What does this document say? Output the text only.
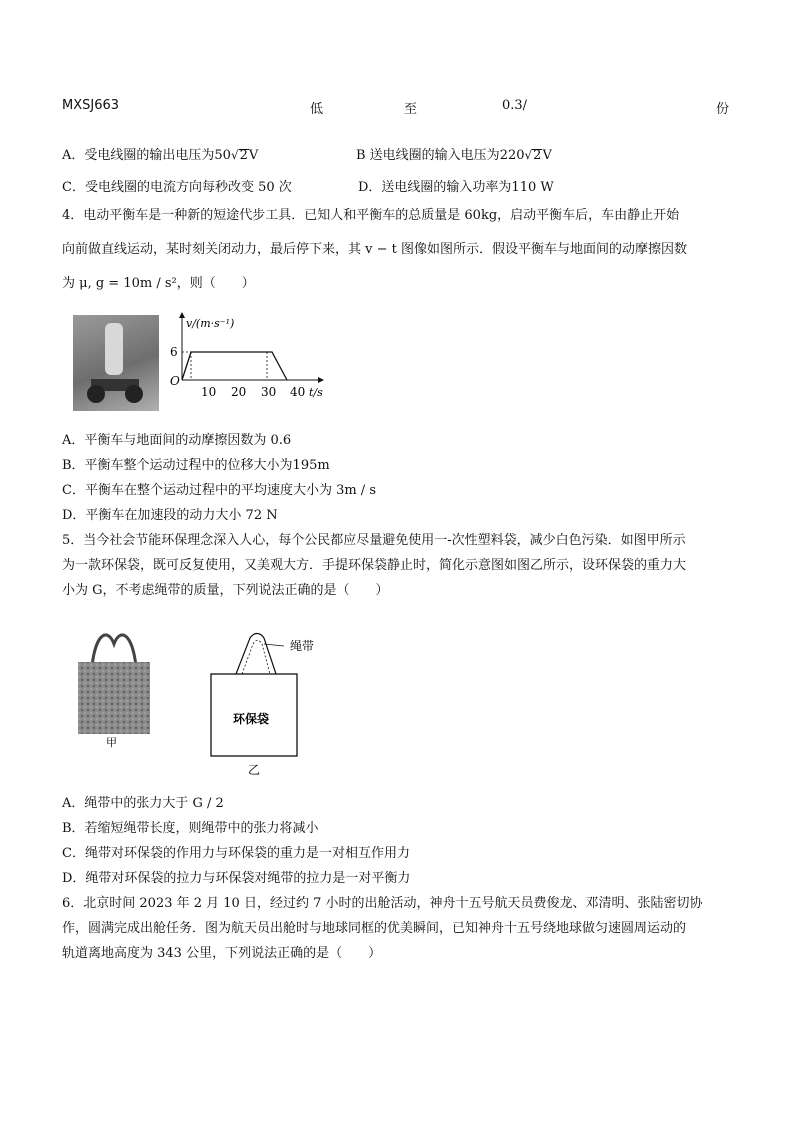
MXSJ663	低	至	0.3/	份
A．受电线圈的输出电压为50√2V	B 送电线圈的输入电压为220√2V
C．受电线圈的电流方向每秒改变 50 次	D．送电线圈的输入功率为110 W
4．电动平衡车是一种新的短途代步工具．已知人和平衡车的总质量是 60kg，启动平衡车后，车由静止开始
向前做直线运动，某时刻关闭动力，最后停下来，其 v − t 图像如图所示．假设平衡车与地面间的动摩擦因数
为 μ, g = 10m / s²，则（　　）
v/(m·s⁻¹)
6
O
10 20 30 40 t/s
A．平衡车与地面间的动摩擦因数为 0.6
B．平衡车整个运动过程中的位移大小为195m
C．平衡车在整个运动过程中的平均速度大小为 3m / s
D．平衡车在加速段的动力大小 72 N
5．当今社会节能环保理念深入人心，每个公民都应尽量避免使用一-次性塑料袋，减少白色污染．如图甲所示
为一款环保袋，既可反复使用，又美观大方．手提环保袋静止时，简化示意图如图乙所示，设环保袋的重力大
小为 G，不考虑绳带的质量，下列说法正确的是（　　）
甲
绳带
环保袋
乙
A．绳带中的张力大于 G / 2
B．若缩短绳带长度，则绳带中的张力将减小
C．绳带对环保袋的作用力与环保袋的重力是一对相互作用力
D．绳带对环保袋的拉力与环保袋对绳带的拉力是一对平衡力
6．北京时间 2023 年 2 月 10 日，经过约 7 小时的出舱活动，神舟十五号航天员费俊龙、邓清明、张陆密切协
作，圆满完成出舱任务．图为航天员出舱时与地球同框的优美瞬间，已知神舟十五号绕地球做匀速圆周运动的
轨道离地高度为 343 公里，下列说法正确的是（　　）
